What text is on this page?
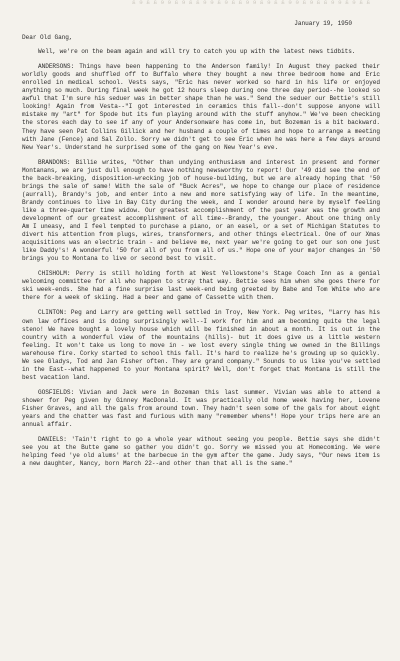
a a e a e e a a e a e e a a e a e e a a e a e e a a e a e e a a e a
January 19, 1950
Dear Old Gang,
Well, we're on the beam again and will try to catch you up with the latest news tidbits.
ANDERSONS: Things have been happening to the Anderson family! In August they packed their worldly goods and shuffled off to Buffalo where they bought a new three bedroom home and Eric enrolled in medical school. Vests says, "Eric has never worked so hard in his life or enjoyed anything so much. During final week he got 12 hours sleep during one three day period--he looked so awful that I'm sure his seduer was in better shape than he was." Send the seduer our Bettie's still looking! Again from Vesta--"I got interested in ceramics this fall--don't suppose anyone will mistake my "art" for Spode but its fun playing around with the stuff anyhow." We've been checking the stores each day to see if any of your Andersonware has come in, but Bozeman is a bit backward. They have seen Pat Collins Gillick and her husband a couple of times and hope to arrange a meeting with Jane (Fence) and Sal Zollo. Sorry we didn't get to see Eric when he was here a few days around New Year's. Understand he surprised some of the gang on New Year's eve.
BRANDONS: Billie writes, "Other than undying enthusiasm and interest in present and former Montanans, we are just dull enough to have nothing newsworthy to report! Our '49 did see the end of the back-breaking, disposition-wrecking job of house-building, but we are already hoping that '50 brings the sale of same! With the sale of "Buck Acres", we hope to change our place of residence (aurrall), Brandy's job, and enter into a new and more satisfying way of life. In the meantime, Brandy continues to live in Bay City during the week, and I wonder around here by myself feeling like a three-quarter time widow. Our greatest accomplishment of the past year was the growth and development of our greatest accomplishment of all time--Brandy, the younger. About one thing only Am I uneasy, and I feel tempted to purchase a piano, or an easel, or a set of Michigan Statutes to divert his attention from plugs, wires, transformers, and other things electrical. One of our Xmas acquisitions was an electric train - and believe me, next year we're going to get our son one just like Daddy's! A wonderful '50 for all of you from all of us." Hope one of your major changes in '50 brings you to Montana to live or second best to visit.
CHISHOLM: Perry is still holding forth at West Yellowstone's Stage Coach Inn as a genial welcoming committee for all who happen to stray that way. Bettie sees him when she goes there for ski week-ends. She had a fine surprise last week-end being greeted by Babe and Tom White who are there for a week of skiing. Had a beer and game of Cassette with them.
CLINTON: Peg and Larry are getting well settled in Troy, New York. Peg writes, "Larry has his own law offices and is doing surprisingly well--I work for him and am becoming quite the legal steno! We have bought a lovely house which will be finished in about a month. It is out in the country with a wonderful view of the mountains (hills)- but it does give us a little western feeling. It won't take us long to move in - we lost every single thing we owned in the Billings warehouse fire. Corky started to school this fall. It's hard to realize he's growing up so quickly. We see Gladys, Tod and Jan Fisher often. They are grand company." Sounds to us like you've settled in the East--what happened to your Montana spirit? Well, don't forget that Montana is still the best vacation land.
GOSFIELDS: Vivian and Jack were in Bozeman this last summer. Vivian was able to attend a shower for Peg given by Ginney MacDonald. It was practically old home week having her, Lovene Fisher Graves, and all the gals from around town. They hadn't seen some of the gals for about eight years and the chatter was fast and furious with many "remember whens"! Hope your trips here are an annual affair.
DANIELS: 'Tain't right to go a whole year without seeing you people. Bettie says she didn't see you at the Butte game so gather you didn't go. Sorry we missed you at Homecoming. We were helping feed 'ye old alums' at the barbecue in the gym after the game. Judy says, "Our news item is a new daughter, Nancy, born March 22--and other than that all is the same."
